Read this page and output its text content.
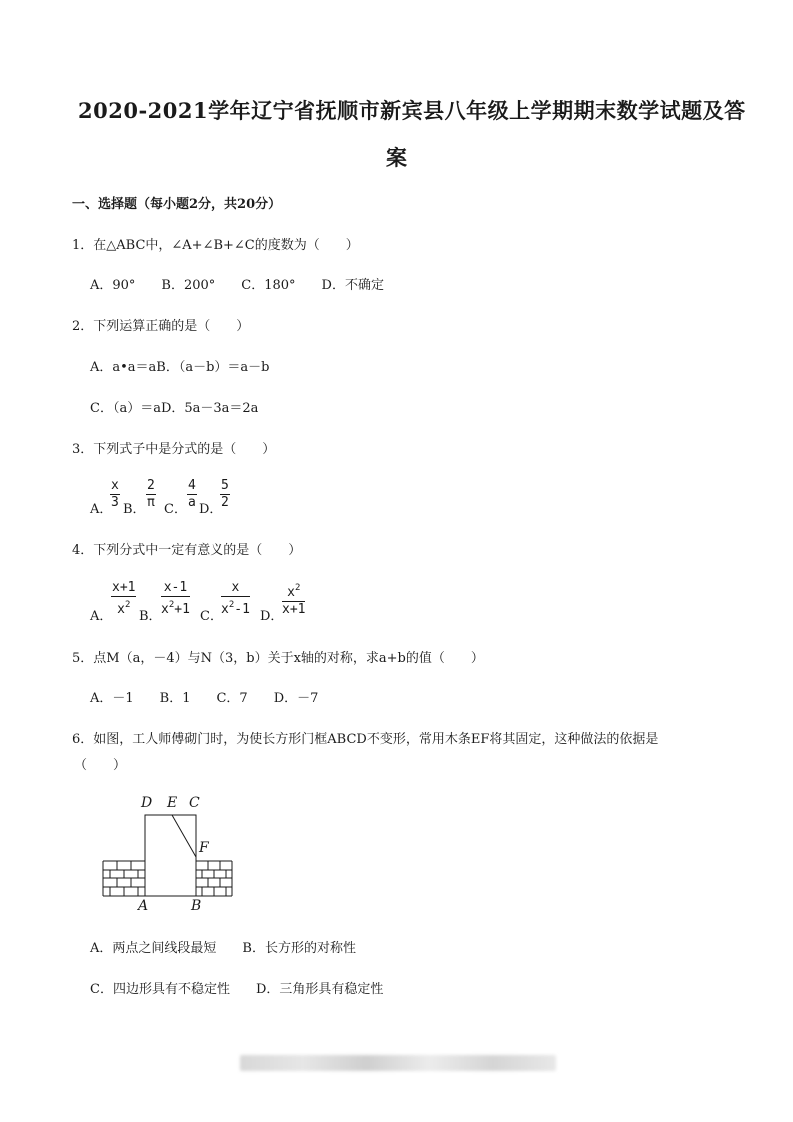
2020-2021学年辽宁省抚顺市新宾县八年级上学期期末数学试题及答
案
一、选择题（每小题2分，共20分）
1．在△ABC中，∠A+∠B+∠C的度数为（　　）
A．90°　　B．200°　　C．180°　　D．不确定
2．下列运算正确的是（　　）
A．a•a＝aB．（a－b）＝a－b
C．（a）＝aD．5a－3a＝2a
3．下列式子中是分式的是（　　）
$\frac{x}{3}$
A． B． $\frac{2}{\pi}$ C． $\frac{4}{a}$ D．
$\frac{5}{2}$
4．下列分式中一定有意义的是（　　）
A．
$\frac{x+1}{x^2}$ B． $\frac{x-1}{x^2+1}$ C．
$\frac{x}{x^2-1}$ D．
$\frac{x^2}{x+1}$
5．点M（a，－4）与N（3，b）关于x轴的对称，求a+b的值（　　）
A．－1　　B．1　　C．7　　D．－7
6．如图，工人师傅砌门时，为使长方形门框ABCD不变形，常用木条EF将其固定，这种做法的依据是
（　　）
D E C
F
A	B
A．两点之间线段最短　　B．长方形的对称性
C．四边形具有不稳定性　　D．三角形具有稳定性
